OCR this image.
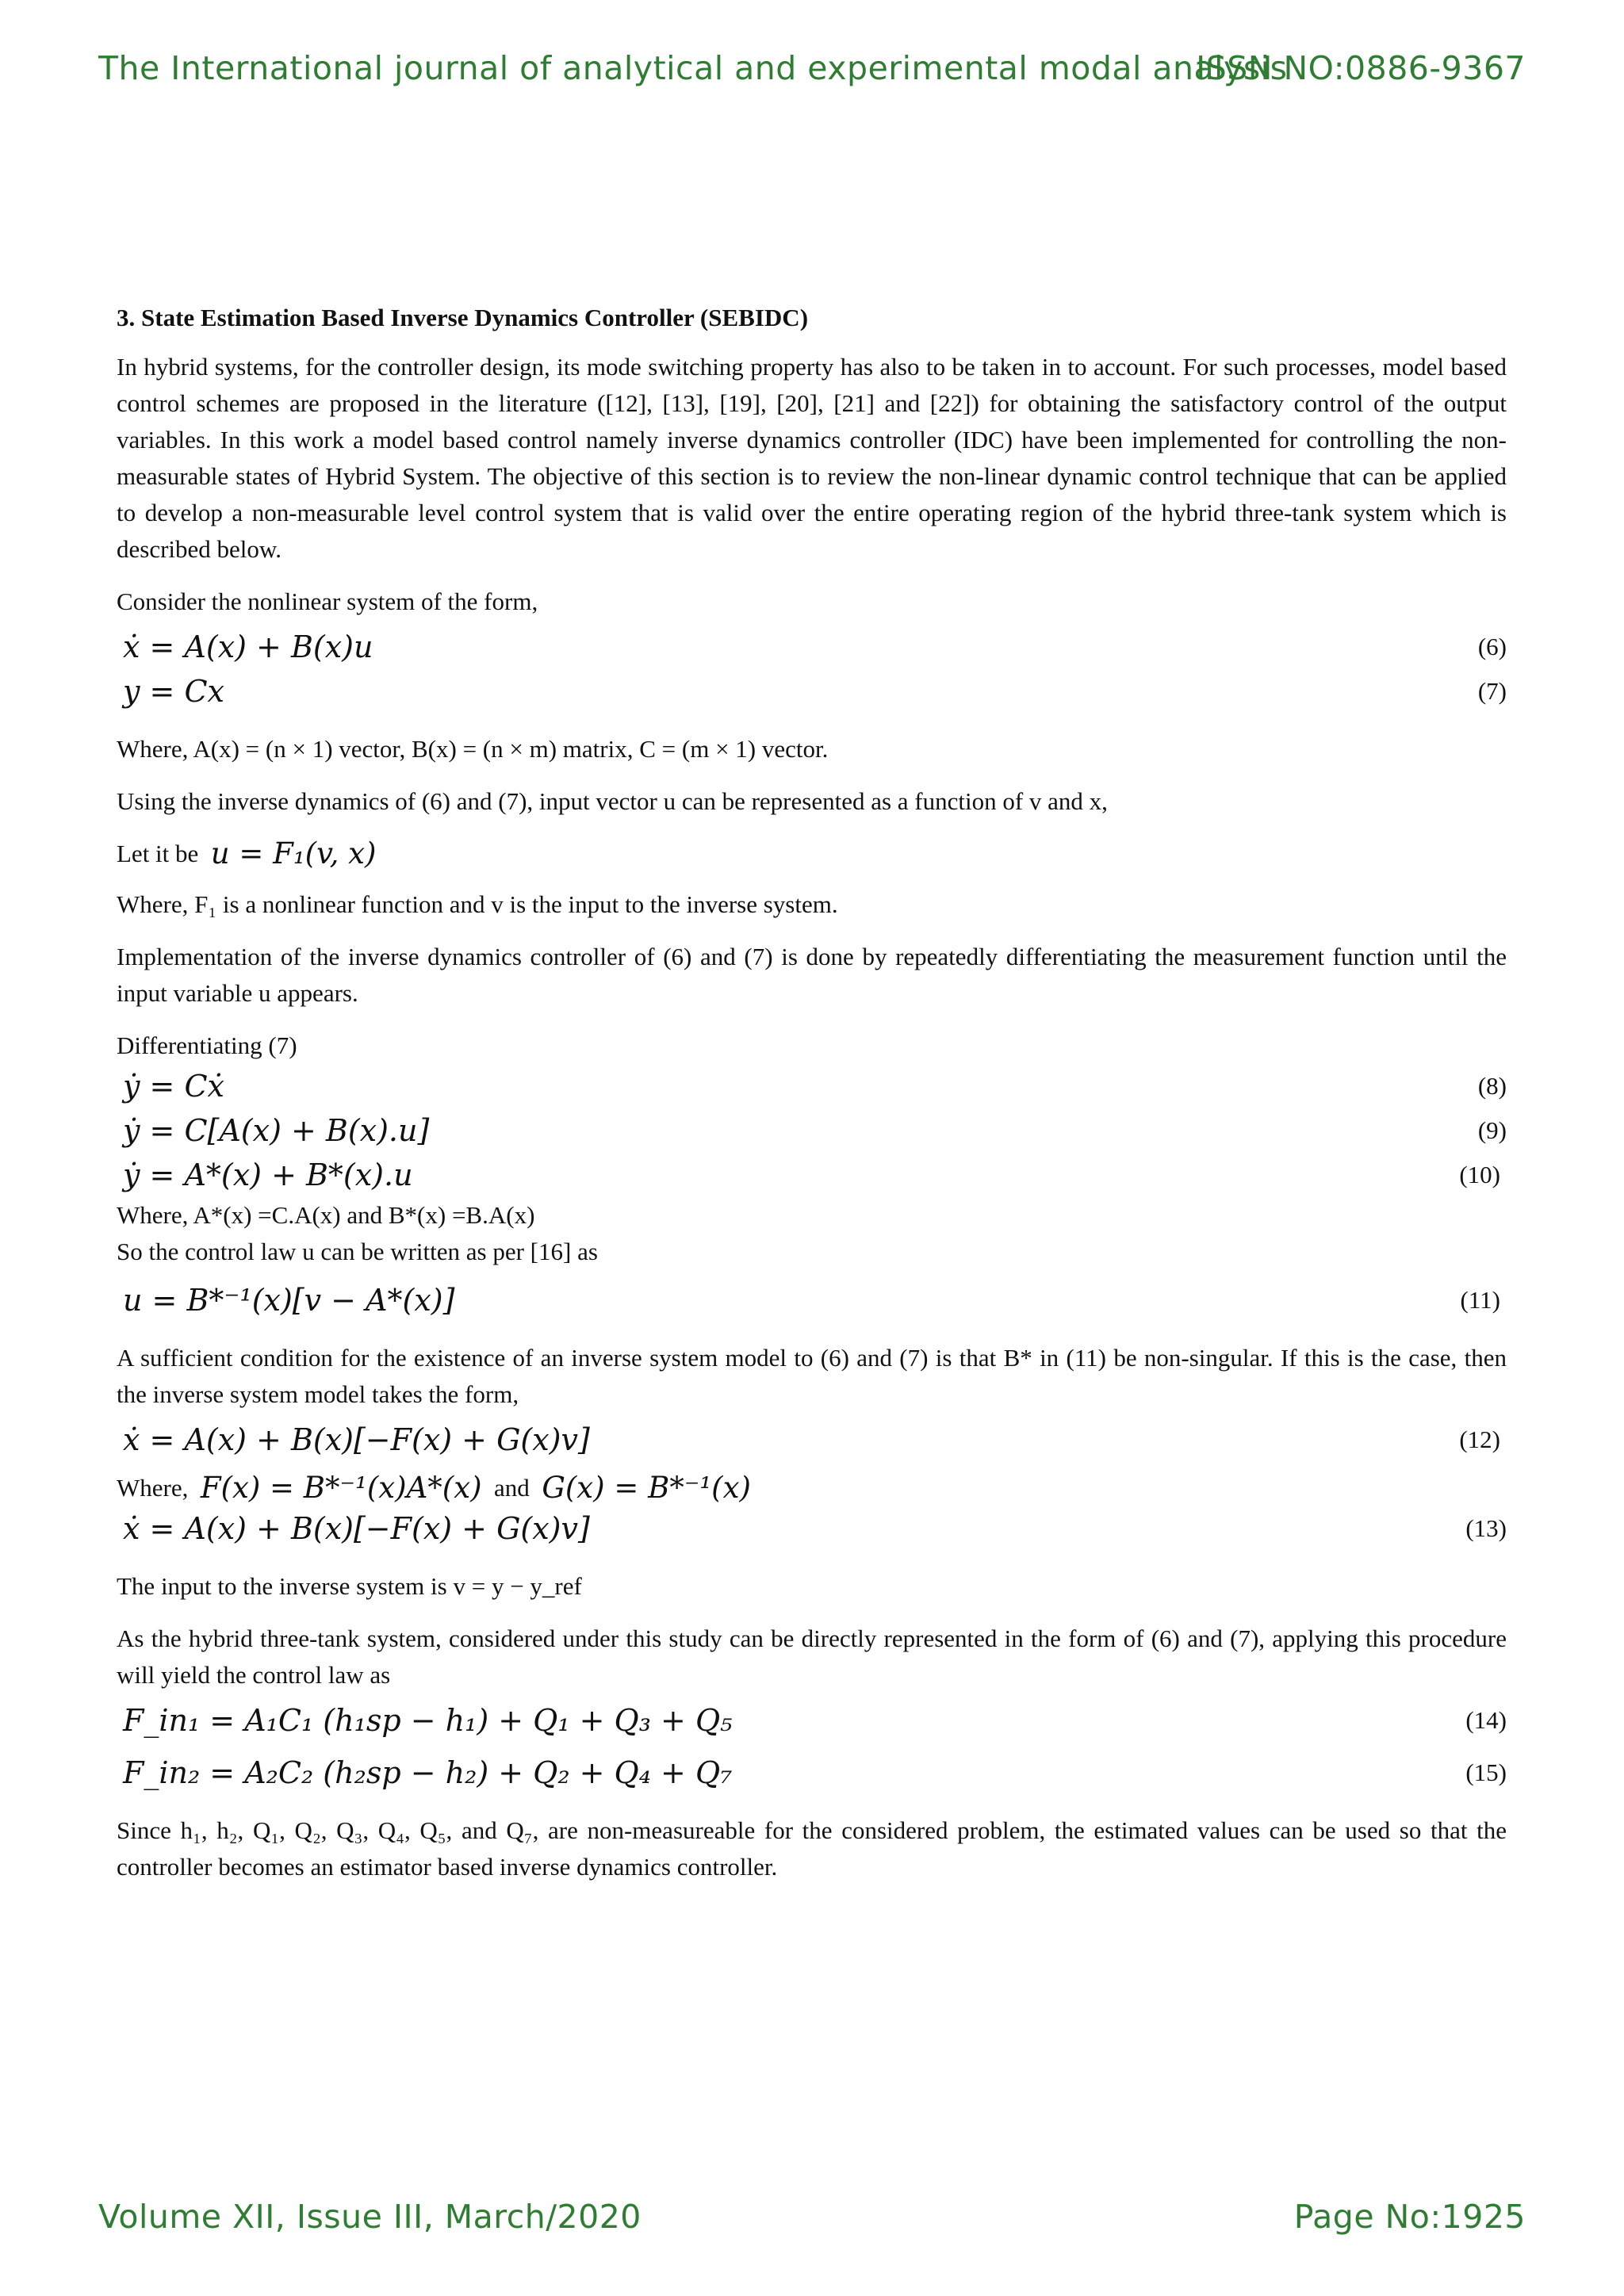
The International journal of analytical and experimental modal analysis
ISSN NO:0886-9367
3. State Estimation Based Inverse Dynamics Controller (SEBIDC)
In hybrid systems, for the controller design, its mode switching property has also to be taken in to account. For such processes, model based control schemes are proposed in the literature ([12], [13], [19], [20], [21] and [22]) for obtaining the satisfactory control of the output variables. In this work a model based control namely inverse dynamics controller (IDC) have been implemented for controlling the non-measurable states of Hybrid System. The objective of this section is to review the non-linear dynamic control technique that can be applied to develop a non-measurable level control system that is valid over the entire operating region of the hybrid three-tank system which is described below.
Consider the nonlinear system of the form,
ẋ = A(x) + B(x)u	(6)
y = Cx	(7)
Where, A(x) = (n × 1) vector, B(x) = (n × m) matrix, C = (m × 1) vector.
Using the inverse dynamics of (6) and (7), input vector u can be represented as a function of v and x,
Let it be u = F₁(v, x)
Where, F₁ is a nonlinear function and v is the input to the inverse system.
Implementation of the inverse dynamics controller of (6) and (7) is done by repeatedly differentiating the measurement function until the input variable u appears.
Differentiating (7)
ẏ = Cẋ	(8)
ẏ = C[A(x) + B(x).u]	(9)
ẏ = A*(x) + B*(x).u	(10)
Where, A*(x) =C.A(x) and B*(x) =B.A(x)
So the control law u can be written as per [16] as
u = B*⁻¹(x)[v − A*(x)]	(11)
A sufficient condition for the existence of an inverse system model to (6) and (7) is that B* in (11) be non-singular. If this is the case, then the inverse system model takes the form,
ẋ = A(x) + B(x)[−F(x) + G(x)v]	(12)
Where, F(x) = B*⁻¹(x)A*(x) and G(x) = B*⁻¹(x)
ẋ = A(x) + B(x)[−F(x) + G(x)v]	(13)
The input to the inverse system is v = y − y_ref
As the hybrid three-tank system, considered under this study can be directly represented in the form of (6) and (7), applying this procedure will yield the control law as
F_in₁ = A₁C₁ (h₁sp − h₁) + Q₁ + Q₃ + Q₅	(14)
F_in₂ = A₂C₂ (h₂sp − h₂) + Q₂ + Q₄ + Q₇	(15)
Since h₁, h₂, Q₁, Q₂, Q₃, Q₄, Q₅, and Q₇, are non-measureable for the considered problem, the estimated values can be used so that the controller becomes an estimator based inverse dynamics controller.
Volume XII, Issue III, March/2020	Page No:1925
